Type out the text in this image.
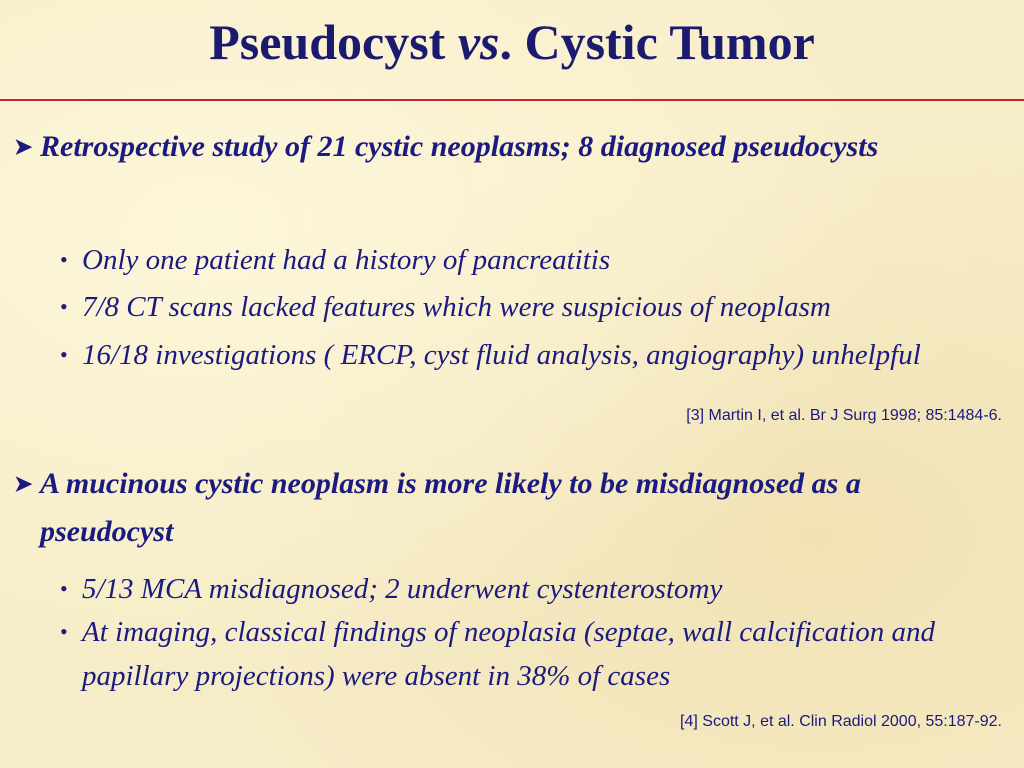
Pseudocyst vs. Cystic Tumor
➤ Retrospective study of 21 cystic neoplasms; 8 diagnosed pseudocysts
• Only one patient had a history of pancreatitis
• 7/8 CT scans lacked features which were suspicious of neoplasm
• 16/18 investigations ( ERCP, cyst fluid analysis, angiography) unhelpful
[3] Martin I, et al. Br J Surg 1998; 85:1484-6.
➤ A mucinous cystic neoplasm is more likely to be misdiagnosed as a pseudocyst
• 5/13 MCA misdiagnosed; 2 underwent cystenterostomy
• At imaging, classical findings of neoplasia (septae, wall calcification and papillary projections) were absent in 38% of cases
[4] Scott J, et al. Clin Radiol 2000, 55:187-92.
